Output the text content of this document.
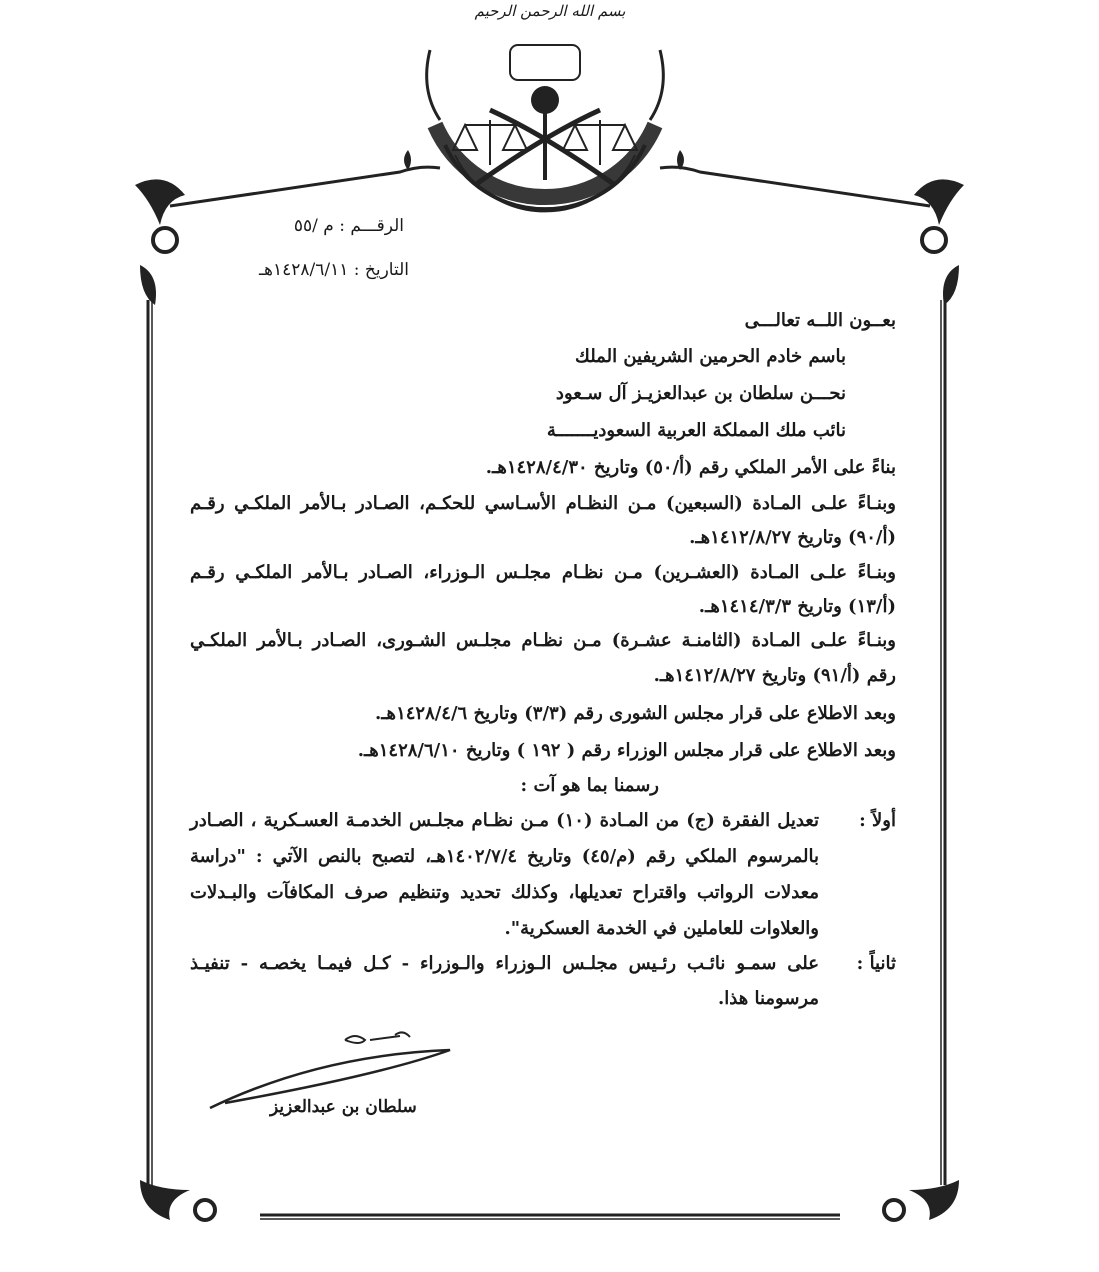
بسم الله الرحمن الرحيم
الرقـــم : م /٥٥
التاريخ : ١٤٢٨/٦/١١هـ
بعــون اللــه تعالـــى
باسم خادم الحرمين الشريفين الملك
نحـــن سلطان بن عبدالعزيـز آل سـعود
نائب ملك المملكة العربية السعوديـــــــة
بناءً على الأمر الملكي رقم (أ/٥٠) وتاريخ ١٤٢٨/٤/٣٠هـ.
وبنـاءً علـى المـادة (السبعين) مـن النظـام الأسـاسي للحكـم، الصـادر بـالأمر الملكـي رقـم
(أ/٩٠) وتاريخ ١٤١٢/٨/٢٧هـ.
وبنـاءً علـى المـادة (العشـرين) مـن نظـام مجلـس الـوزراء، الصـادر بـالأمر الملكـي رقـم
(أ/١٣) وتاريخ ١٤١٤/٣/٣هـ.
وبنـاءً علـى المـادة (الثامنـة عشـرة) مـن نظـام مجلـس الشـورى، الصـادر بـالأمر الملكـي
رقم (أ/٩١) وتاريخ ١٤١٢/٨/٢٧هـ.
وبعد الاطلاع على قرار مجلس الشورى رقم (٣/٣) وتاريخ ١٤٢٨/٤/٦هـ.
وبعد الاطلاع على قرار مجلس الوزراء رقم ( ١٩٢ ) وتاريخ ١٤٢٨/٦/١٠هـ.
رسمنا بما هو آت :
أولاً :
تعديل الفقرة (ج) من المـادة (١٠) مـن نظـام مجلـس الخدمـة العسـكرية ، الصـادر
بالمرسوم الملكي رقم (م/٤٥) وتاريخ ١٤٠٢/٧/٤هـ، لتصبح بالنص الآتي : "دراسة
معدلات الرواتب واقتراح تعديلها، وكذلك تحديد وتنظيم صرف المكافآت والبـدلات
والعلاوات للعاملين في الخدمة العسكرية".
ثانياً :
على سمـو نائـب رئـيس مجلـس الـوزراء والـوزراء - كـل فيمـا يخصـه - تنفيـذ
مرسومنا هذا.
سلطان بن عبدالعزيز
